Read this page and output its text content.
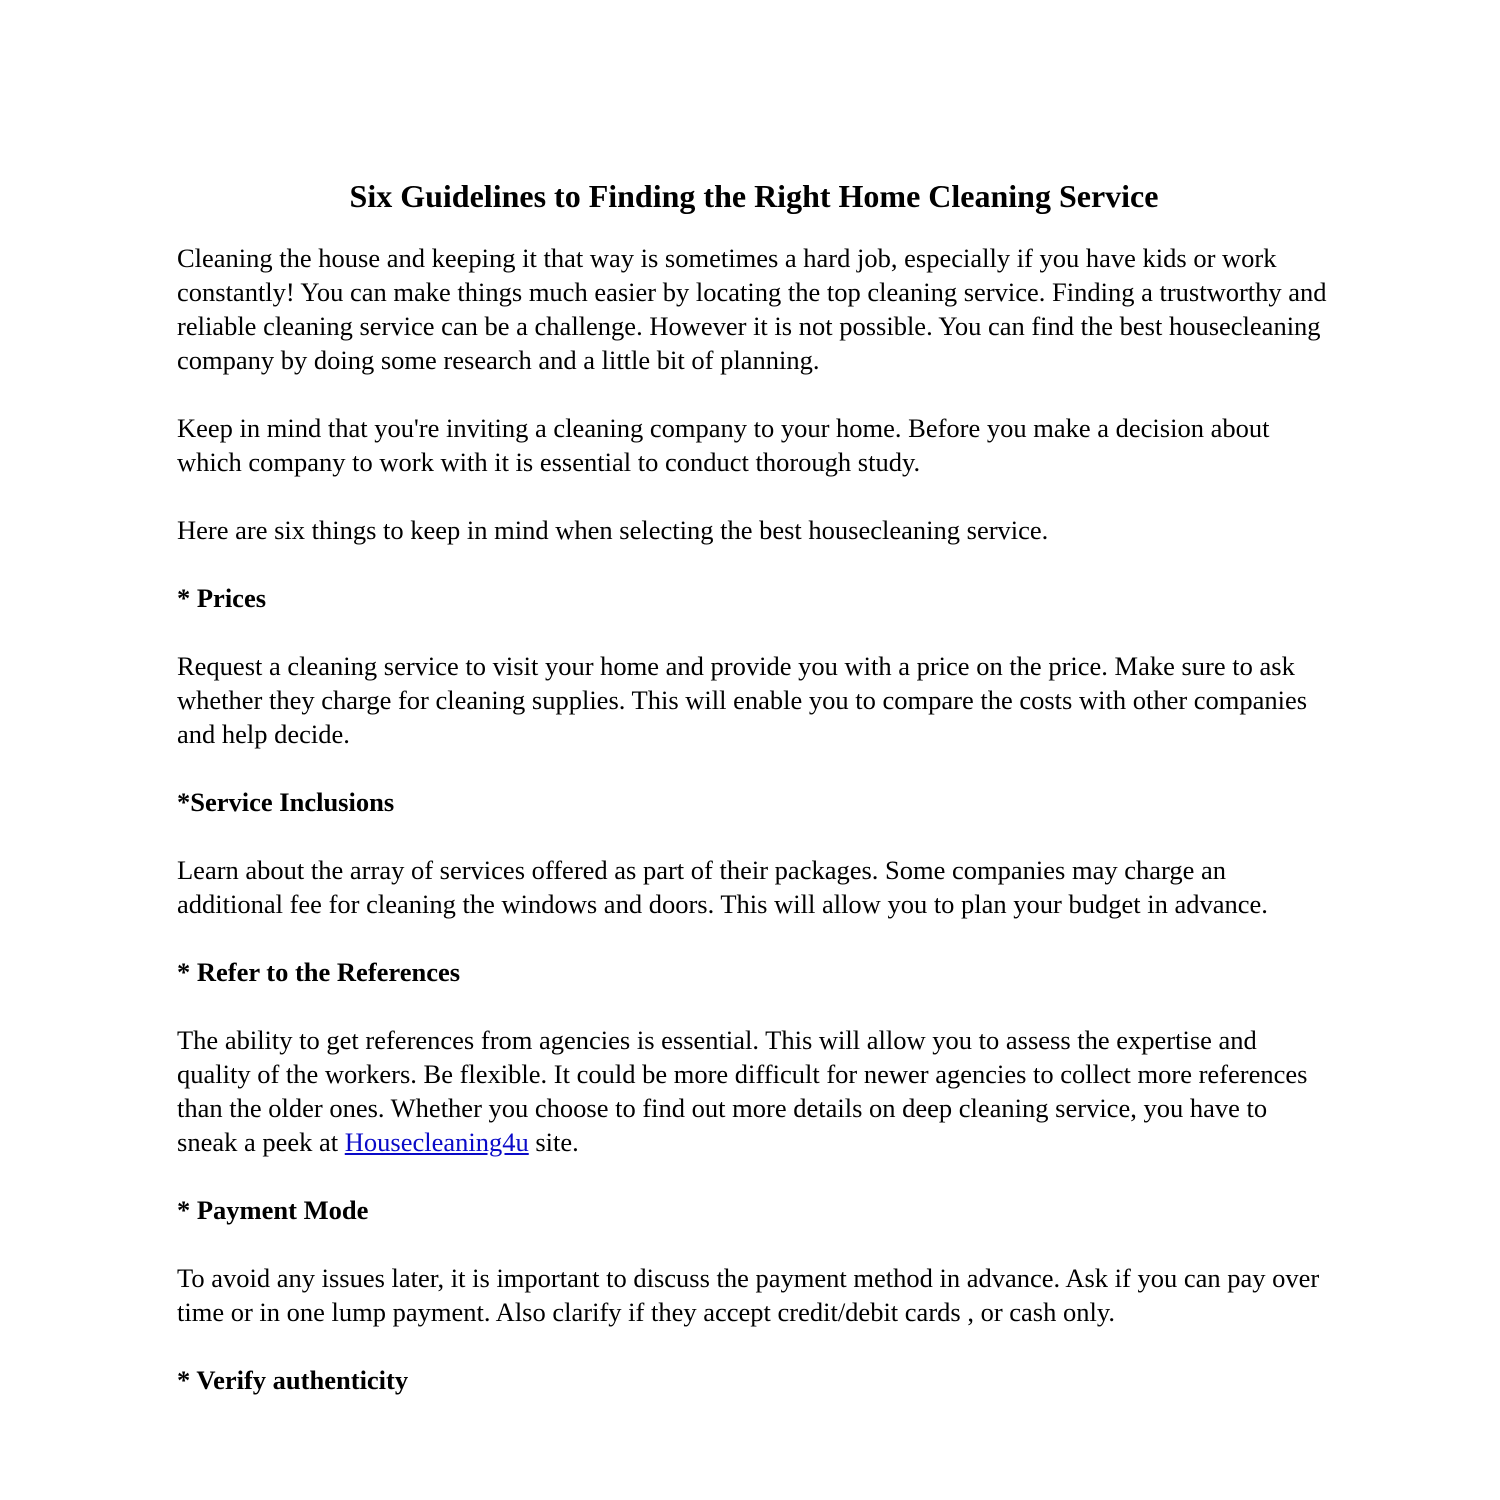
Six Guidelines to Finding the Right Home Cleaning Service

Cleaning the house and keeping it that way is sometimes a hard job, especially if you have kids or work constantly! You can make things much easier by locating the top cleaning service. Finding a trustworthy and reliable cleaning service can be a challenge. However it is not possible. You can find the best housecleaning company by doing some research and a little bit of planning.

Keep in mind that you're inviting a cleaning company to your home. Before you make a decision about which company to work with it is essential to conduct thorough study.

Here are six things to keep in mind when selecting the best housecleaning service.

* Prices

Request a cleaning service to visit your home and provide you with a price on the price. Make sure to ask whether they charge for cleaning supplies. This will enable you to compare the costs with other companies and help decide.

*Service Inclusions

Learn about the array of services offered as part of their packages. Some companies may charge an additional fee for cleaning the windows and doors. This will allow you to plan your budget in advance.

* Refer to the References

The ability to get references from agencies is essential. This will allow you to assess the expertise and quality of the workers. Be flexible. It could be more difficult for newer agencies to collect more references than the older ones. Whether you choose to find out more details on deep cleaning service, you have to sneak a peek at Housecleaning4u site.

* Payment Mode

To avoid any issues later, it is important to discuss the payment method in advance. Ask if you can pay over time or in one lump payment. Also clarify if they accept credit/debit cards , or cash only.

* Verify authenticity
